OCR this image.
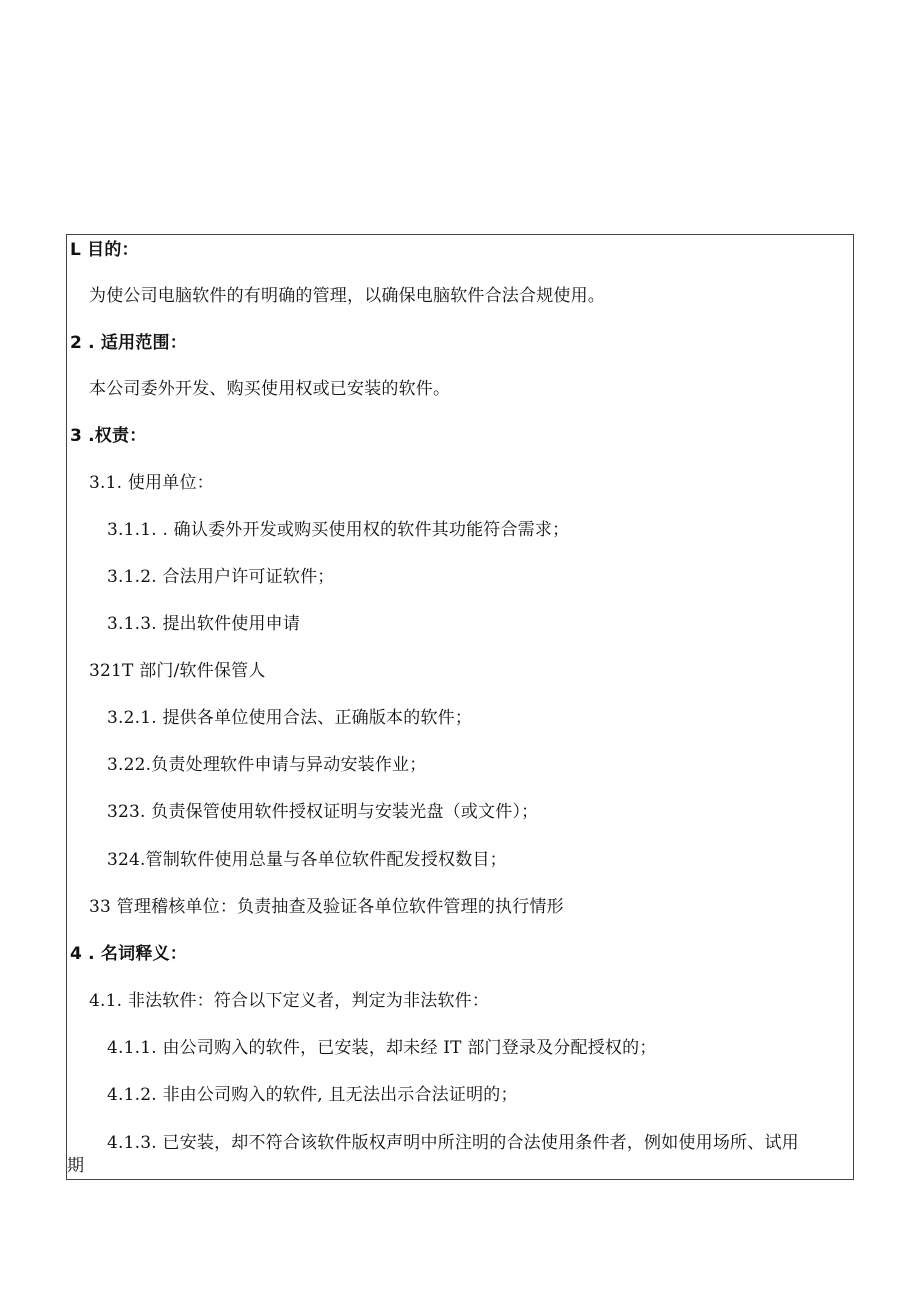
L 目的：
为使公司电脑软件的有明确的管理，以确保电脑软件合法合规使用。
2 . 适用范围：
本公司委外开发、购买使用权或已安装的软件。
3 .权责：
3.1. 使用单位：
3.1.1. . 确认委外开发或购买使用权的软件其功能符合需求；
3.1.2. 合法用户许可证软件；
3.1.3. 提出软件使用申请
321T 部门/软件保管人
3.2.1. 提供各单位使用合法、正确版本的软件；
3.22.负责处理软件申请与异动安装作业；
323. 负责保管使用软件授权证明与安装光盘（或文件）；
324.管制软件使用总量与各单位软件配发授权数目；
33 管理稽核单位：负责抽查及验证各单位软件管理的执行情形
4 . 名词释义：
4.1. 非法软件：符合以下定义者，判定为非法软件：
4.1.1. 由公司购入的软件，已安装，却未经 IT 部门登录及分配授权的；
4.1.2. 非由公司购入的软件, 且无法出示合法证明的；
4.1.3. 已安装，却不符合该软件版权声明中所注明的合法使用条件者，例如使用场所、试用
期
